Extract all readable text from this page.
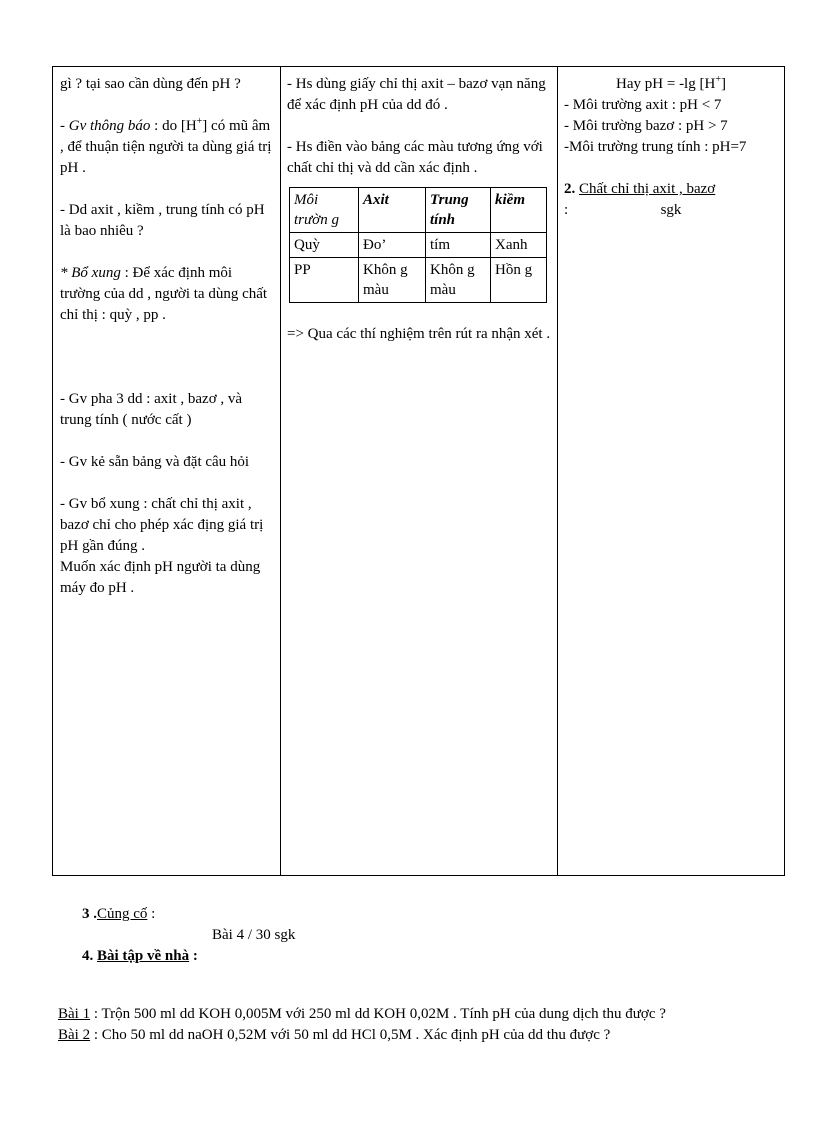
gì ? tại sao cần dùng đến pH ?

- Gv thông báo : do [H+] có mũ âm , để thuận tiện người ta dùng giá trị pH .

- Dd axit , kiềm , trung tính có pH là bao nhiêu ?

* Bổ xung : Để xác định môi trường của dd , người ta dùng chất chỉ thị : quỳ , pp .

- Gv pha 3 dd : axit , bazơ , và trung tính ( nước cất )

- Gv kẻ sẵn bảng và đặt câu hỏi

- Gv bổ xung : chất chỉ thị axit , bazơ chỉ cho phép xác địng giá trị pH gần đúng .

Muốn xác định pH người ta dùng máy đo pH .

- Hs dùng giấy chỉ thị axit – bazơ vạn năng để xác định pH của dd đó .

- Hs điền vào bảng các màu tương ứng với chất chỉ thị và dd cần xác định .

Môi trườn g	Axit	Trung tính	kiềm
Quỳ	Đo’	tím	Xanh
PP	Khôn g màu	Khôn g màu	Hồn g

=> Qua các thí nghiệm trên rút ra nhận xét .

Hay pH = -lg [H+]

- Môi trường axit : pH < 7

- Môi trường bazơ : pH > 7

-Môi trường trung tính : pH=7

2. Chất chỉ thị axit , bazơ

:	sgk

3 .Củng cố :

Bài 4 / 30 sgk

4. Bài tập về nhà :

Bài 1 : Trộn 500 ml dd KOH 0,005M với 250 ml dd KOH 0,02M . Tính pH của dung dịch thu được ?

Bài 2 : Cho 50 ml dd naOH 0,52M với 50 ml dd HCl 0,5M . Xác định pH của dd thu được ?
